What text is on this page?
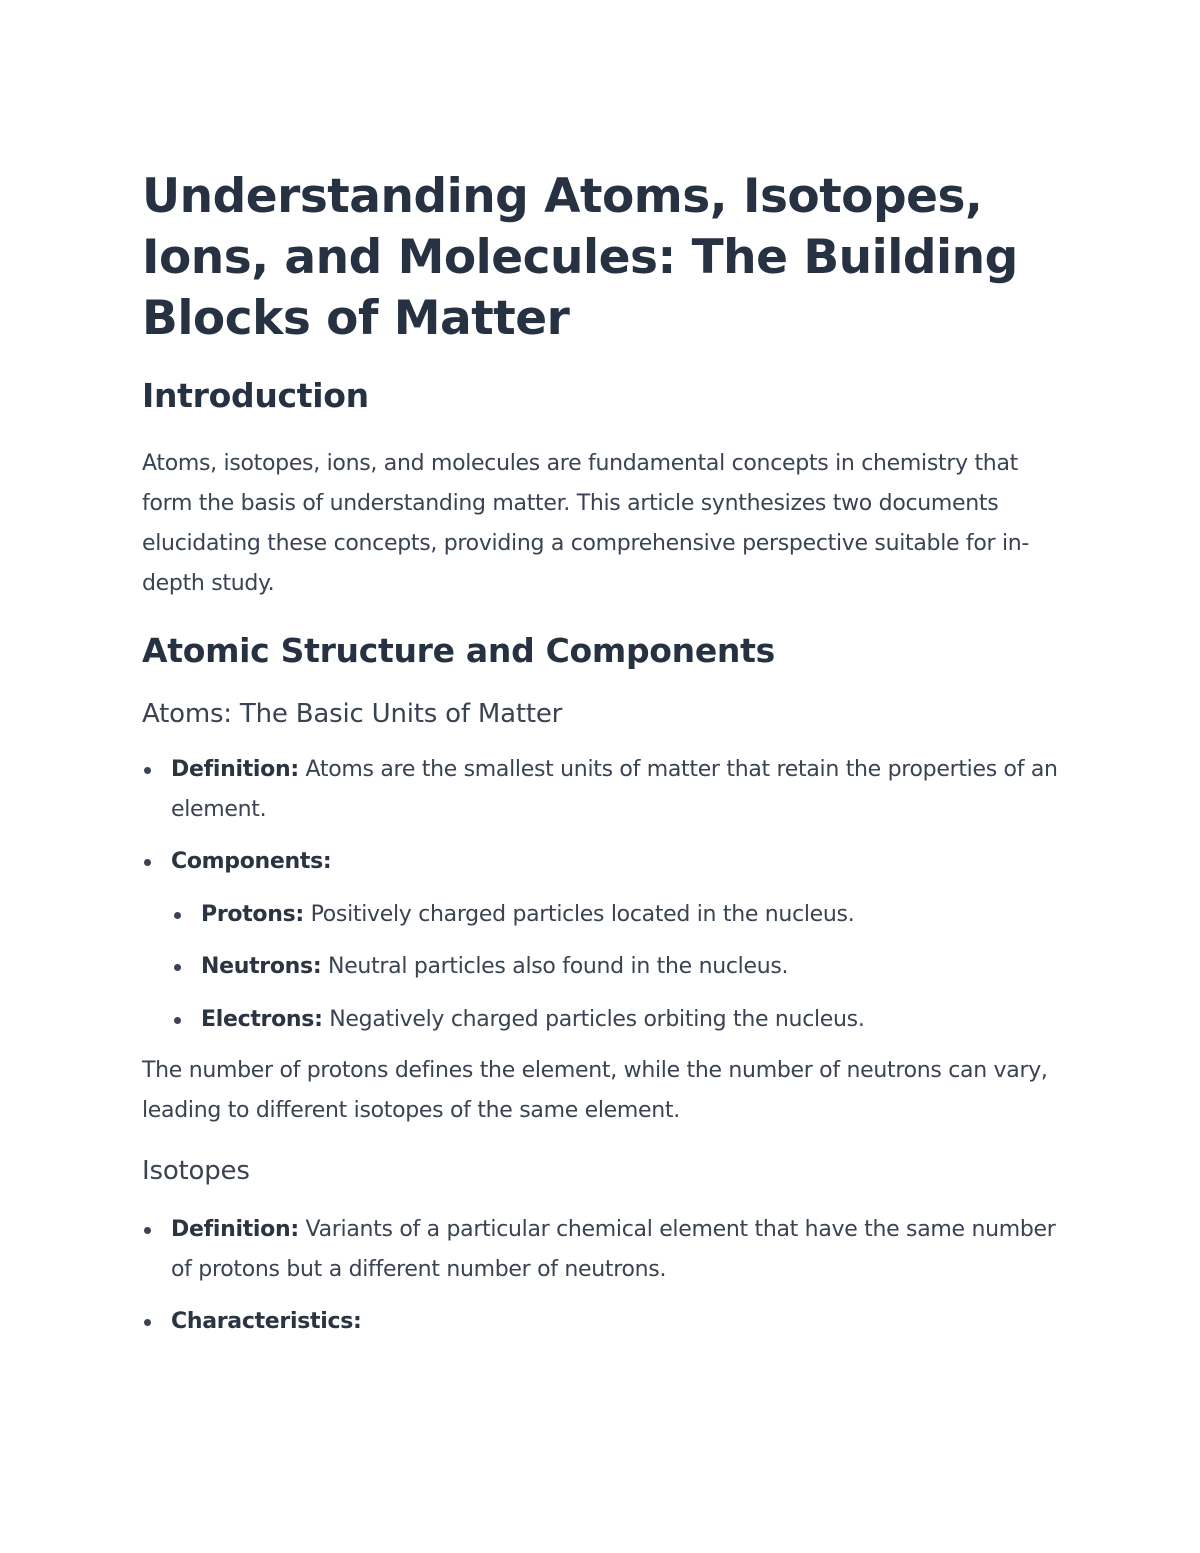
Understanding Atoms, Isotopes, Ions, and Molecules: The Building Blocks of Matter
Introduction

Atoms, isotopes, ions, and molecules are fundamental concepts in chemistry that form the basis of understanding matter. This article synthesizes two documents elucidating these concepts, providing a comprehensive perspective suitable for in-depth study.

Atomic Structure and Components
Atoms: The Basic Units of Matter
Definition: Atoms are the smallest units of matter that retain the properties of an element.
Components:
Protons: Positively charged particles located in the nucleus.
Neutrons: Neutral particles also found in the nucleus.
Electrons: Negatively charged particles orbiting the nucleus.

The number of protons defines the element, while the number of neutrons can vary, leading to different isotopes of the same element.

Isotopes
Definition: Variants of a particular chemical element that have the same number of protons but a different number of neutrons.
Characteristics:
